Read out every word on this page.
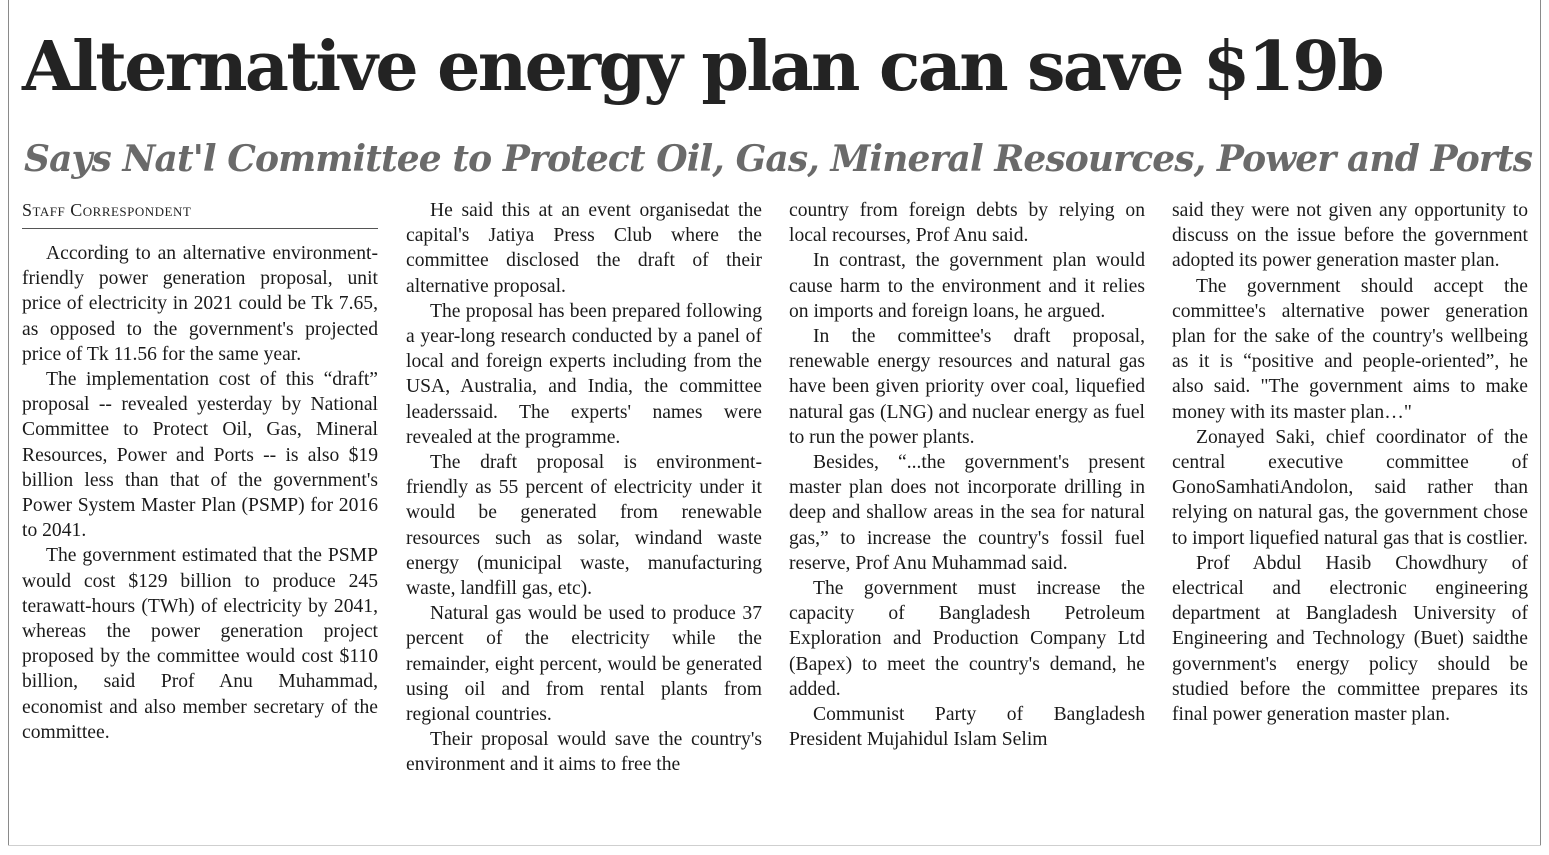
Alternative energy plan can save $19b
Says Nat'l Committee to Protect Oil, Gas, Mineral Resources, Power and Ports
Staff Correspondent

According to an alternative environment-friendly power generation proposal, unit price of electricity in 2021 could be Tk 7.65, as opposed to the government's projected price of Tk 11.56 for the same year.

The implementation cost of this “draft” proposal -- revealed yesterday by National Committee to Protect Oil, Gas, Mineral Resources, Power and Ports -- is also $19 billion less than that of the government's Power System Master Plan (PSMP) for 2016 to 2041.

The government estimated that the PSMP would cost $129 billion to produce 245 terawatt-hours (TWh) of electricity by 2041, whereas the power generation project proposed by the committee would cost $110 billion, said Prof Anu Muhammad, economist and also member secretary of the committee.

He said this at an event organisedat the capital's Jatiya Press Club where the committee disclosed the draft of their alternative proposal.

The proposal has been prepared following a year-long research conducted by a panel of local and foreign experts including from the USA, Australia, and India, the committee leaderssaid. The experts' names were revealed at the programme.

The draft proposal is environment-friendly as 55 percent of electricity under it would be generated from renewable resources such as solar, windand waste energy (municipal waste, manufacturing waste, landfill gas, etc).

Natural gas would be used to produce 37 percent of the electricity while the remainder, eight percent, would be generated using oil and from rental plants from regional countries.

Their proposal would save the country's environment and it aims to free the

country from foreign debts by relying on local recourses, Prof Anu said.

In contrast, the government plan would cause harm to the environment and it relies on imports and foreign loans, he argued.

In the committee's draft proposal, renewable energy resources and natural gas have been given priority over coal, liquefied natural gas (LNG) and nuclear energy as fuel to run the power plants.

Besides, “...the government's present master plan does not incorporate drilling in deep and shallow areas in the sea for natural gas,” to increase the country's fossil fuel reserve, Prof Anu Muhammad said.

The government must increase the capacity of Bangladesh Petroleum Exploration and Production Company Ltd (Bapex) to meet the country's demand, he added.

Communist Party of Bangladesh President Mujahidul Islam Selim

said they were not given any opportunity to discuss on the issue before the government adopted its power generation master plan.

The government should accept the committee's alternative power generation plan for the sake of the country's wellbeing as it is “positive and people-oriented”, he also said. "The government aims to make money with its master plan…"

Zonayed Saki, chief coordinator of the central executive committee of GonoSamhatiAndolon, said rather than relying on natural gas, the government chose to import liquefied natural gas that is costlier.

Prof Abdul Hasib Chowdhury of electrical and electronic engineering department at Bangladesh University of Engineering and Technology (Buet) saidthe government's energy policy should be studied before the committee prepares its final power generation master plan.
